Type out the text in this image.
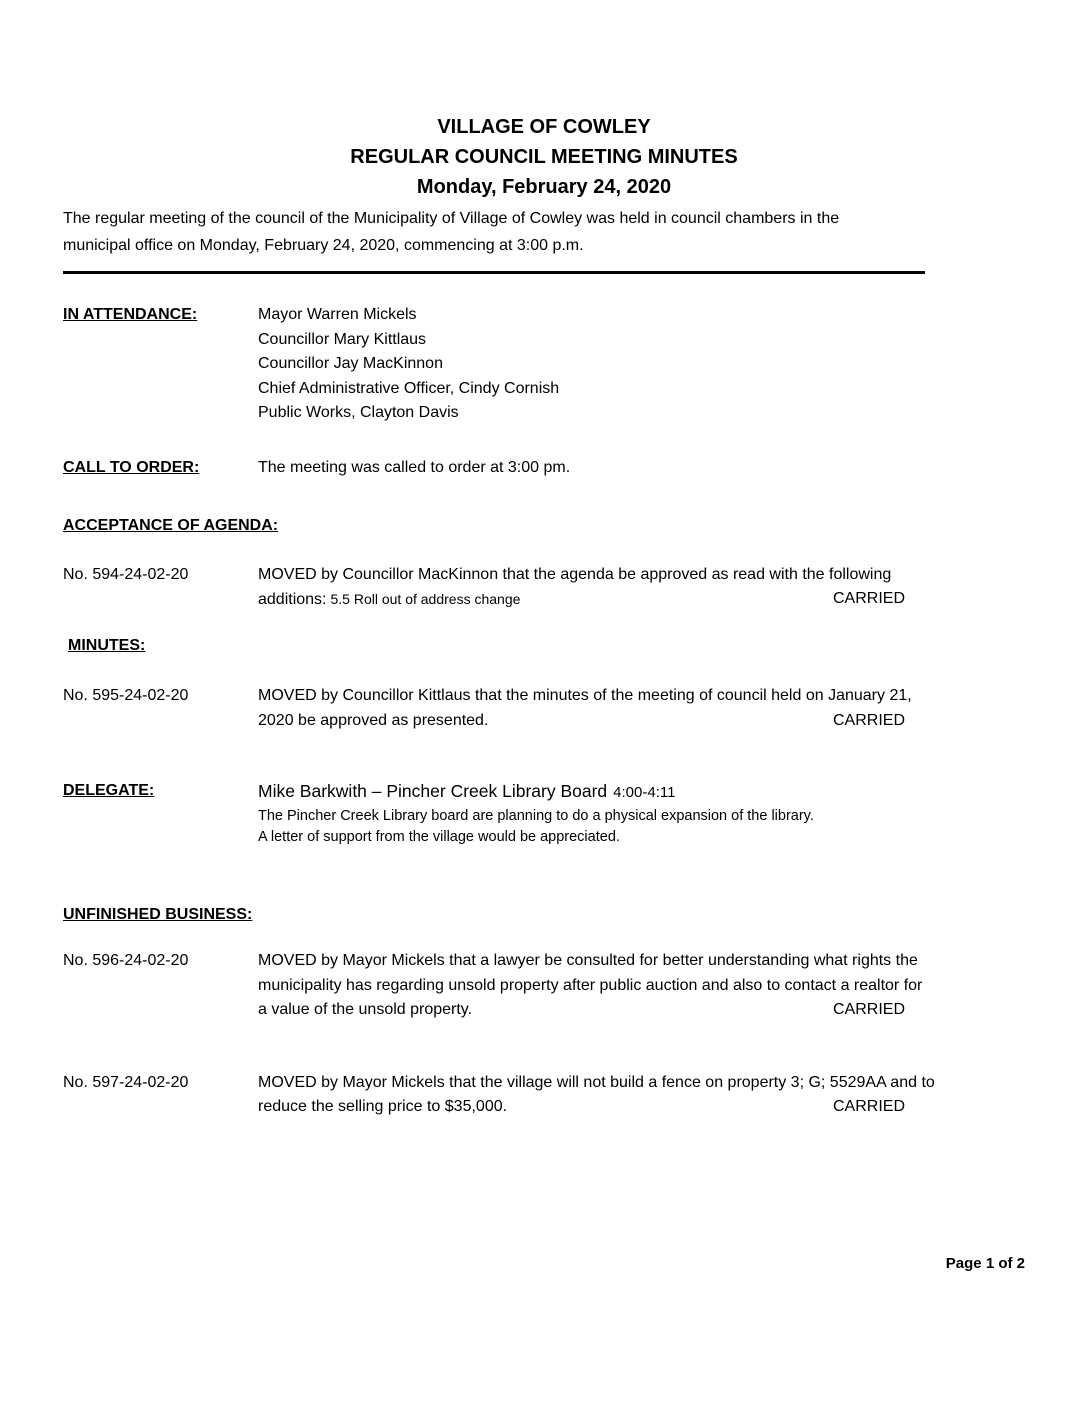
VILLAGE OF COWLEY
REGULAR COUNCIL MEETING MINUTES
Monday, February 24, 2020
The regular meeting of the council of the Municipality of Village of Cowley was held in council chambers in the
municipal office on Monday, February 24, 2020, commencing at 3:00 p.m.
IN ATTENDANCE:	Mayor Warren Mickels
Councillor Mary Kittlaus
Councillor Jay MacKinnon
Chief Administrative Officer, Cindy Cornish
Public Works, Clayton Davis
CALL TO ORDER:	The meeting was called to order at 3:00 pm.
ACCEPTANCE OF AGENDA:
No. 594-24-02-20	MOVED by Councillor MacKinnon that the agenda be approved as read with the following
additions: 5.5 Roll out of address change	CARRIED
MINUTES:
No. 595-24-02-20	MOVED by Councillor Kittlaus that the minutes of the meeting of council held on January 21,
2020 be approved as presented.	CARRIED
DELEGATE:	Mike Barkwith – Pincher Creek Library Board 4:00-4:11
The Pincher Creek Library board are planning to do a physical expansion of the library.
A letter of support from the village would be appreciated.
UNFINISHED BUSINESS:
No. 596-24-02-20	MOVED by Mayor Mickels that a lawyer be consulted for better understanding what rights the
municipality has regarding unsold property after public auction and also to contact a realtor for
a value of the unsold property.	CARRIED
No. 597-24-02-20	MOVED by Mayor Mickels that the village will not build a fence on property 3; G; 5529AA and to
reduce the selling price to $35,000.	CARRIED
Page 1 of 2
